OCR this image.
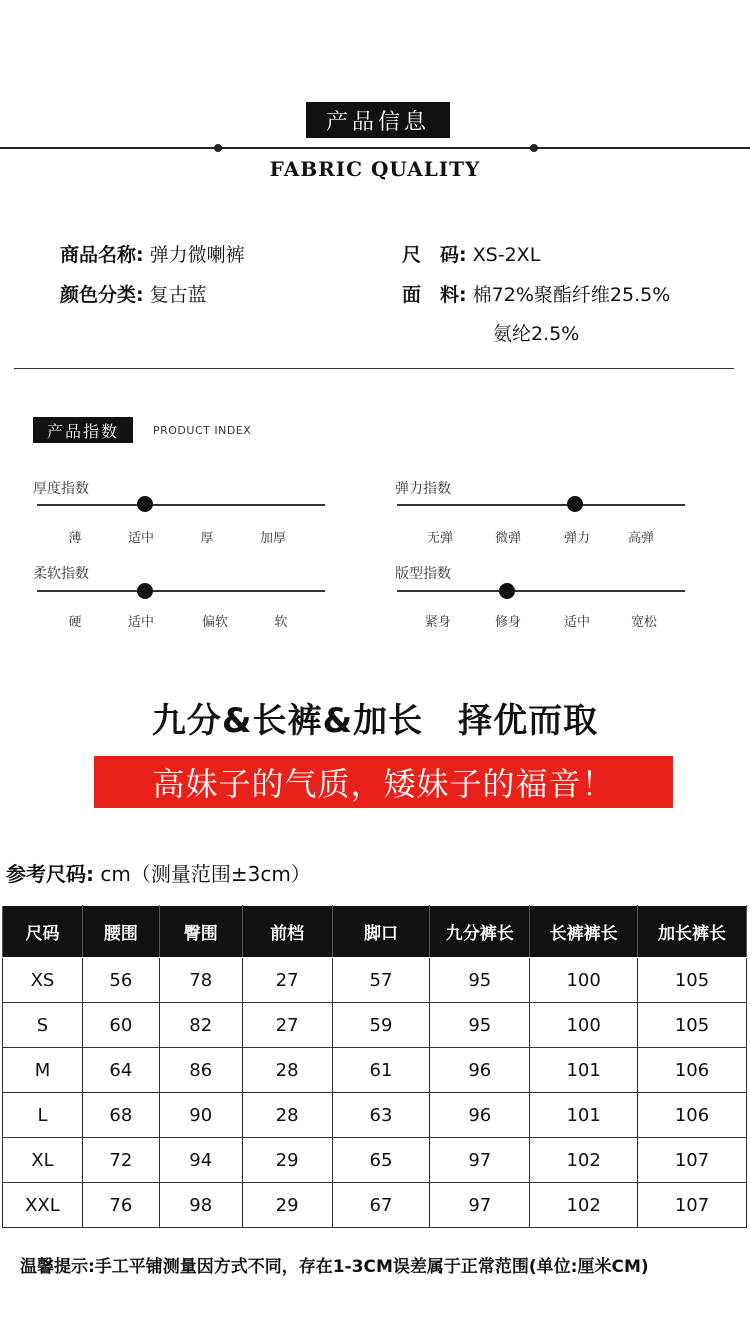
产品信息
FABRIC QUALITY
商品名称: 弹力微喇裤
颜色分类: 复古蓝
尺　码: XS-2XL
面　料: 棉72%聚酯纤维25.5%
氨纶2.5%
产品指数	PRODUCT INDEX
厚度指数
薄	适中	厚	加厚
弹力指数
无弹	微弹	弹力	高弹
柔软指数
硬	适中	偏软	软
版型指数
紧身	修身	适中	宽松
九分&长裤&加长　择优而取
高妹子的气质，矮妹子的福音！
参考尺码: cm（测量范围±3cm）
尺码	腰围	臀围	前档	脚口	九分裤长	长裤裤长	加长裤长
XS	56	78	27	57	95	100	105
S	60	82	27	59	95	100	105
M	64	86	28	61	96	101	106
L	68	90	28	63	96	101	106
XL	72	94	29	65	97	102	107
XXL	76	98	29	67	97	102	107
温馨提示:手工平铺测量因方式不同，存在1-3CM误差属于正常范围(单位:厘米CM)
